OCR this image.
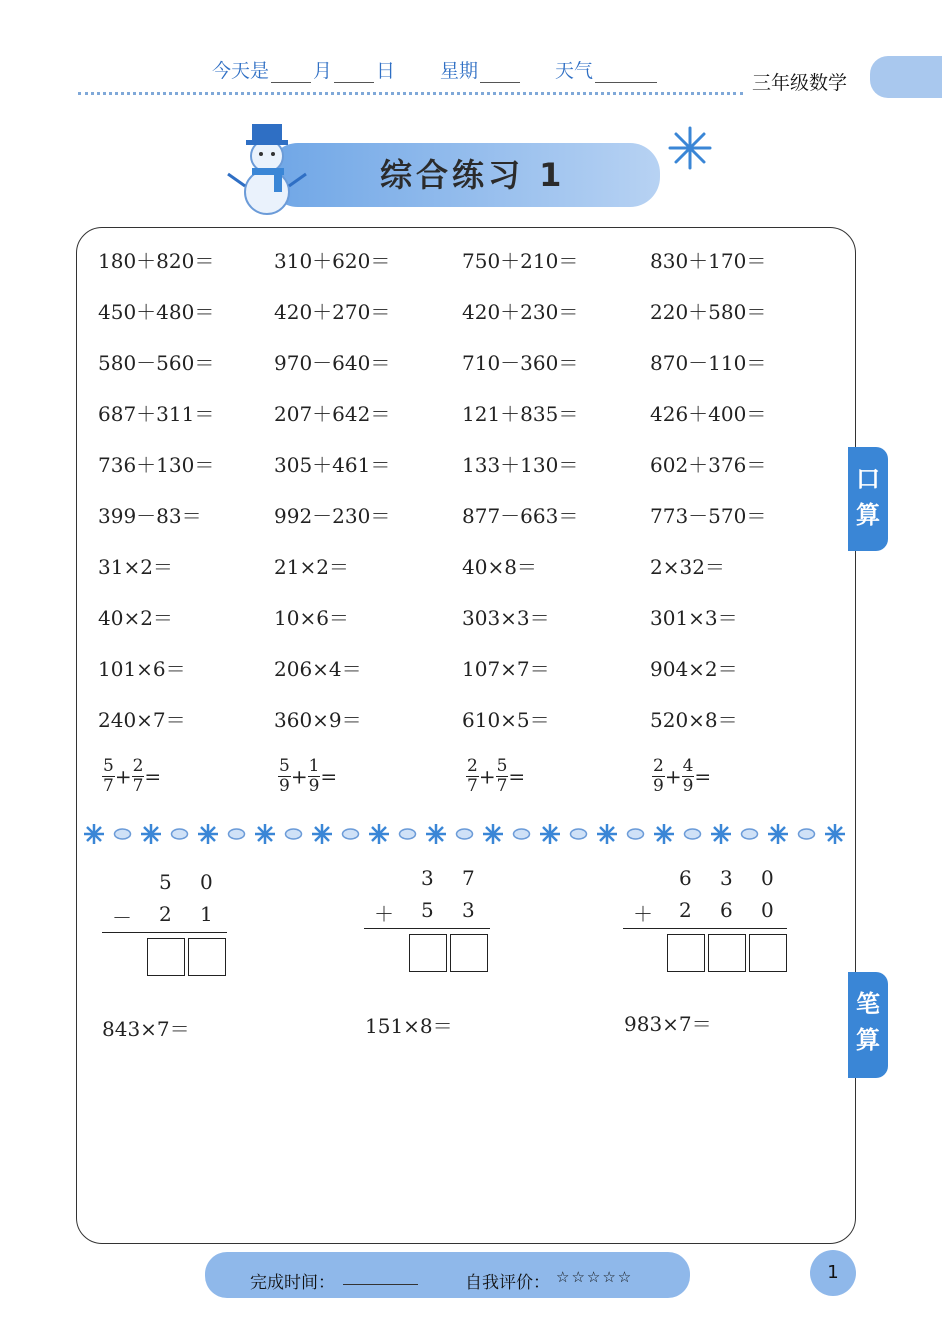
今天是 月 日 星期	天气
三年级数学
综合练习 1
口算
笔算
180＋820＝	310＋620＝	750＋210＝	830＋170＝
450＋480＝	420＋270＝	420＋230＝	220＋580＝
580－560＝	970－640＝	710－360＝	870－110＝
687＋311＝	207＋642＝	121＋835＝	426＋400＝
736＋130＝	305＋461＝	133＋130＝	602＋376＝
399－83＝	992－230＝	877－663＝	773－570＝
31×2＝	21×2＝	40×8＝	2×32＝
40×2＝	10×6＝	303×3＝	301×3＝
101×6＝	206×4＝	107×7＝	904×2＝
240×7＝	360×9＝	610×5＝	520×8＝
$\frac{5}{7} + \frac{2}{7}$ =	$\frac{5}{9} + \frac{1}{9}$ =	$\frac{2}{7} + \frac{5}{7}$ =	$\frac{2}{9} + \frac{4}{9}$ =
5 0
－ 2 1
3 7
＋ 5 3
6 3 0
＋ 2 6 0
843×7＝	151×8＝	983×7＝
完成时间：	自我评价： ☆☆☆☆☆	1
